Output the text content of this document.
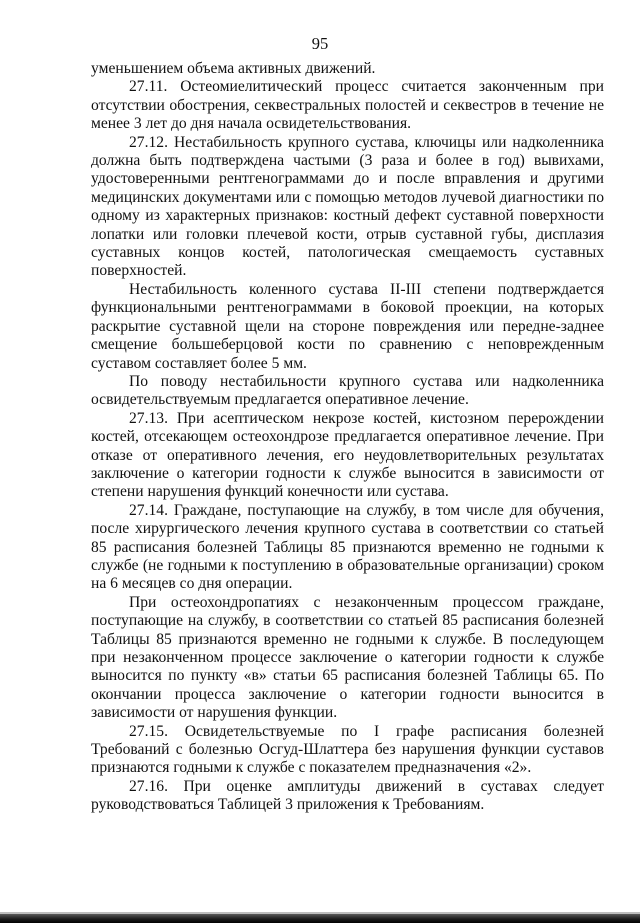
95

уменьшением объема активных движений.

27.11. Остеомиелитический процесс считается законченным при отсутствии обострения, секвестральных полостей и секвестров в течение не менее 3 лет до дня начала освидетельствования.

27.12. Нестабильность крупного сустава, ключицы или надколенника должна быть подтверждена частыми (3 раза и более в год) вывихами, удостоверенными рентгенограммами до и после вправления и другими медицинских документами или с помощью методов лучевой диагностики по одному из характерных признаков: костный дефект суставной поверхности лопатки или головки плечевой кости, отрыв суставной губы, дисплазия суставных концов костей, патологическая смещаемость суставных поверхностей.

Нестабильность коленного сустава II-III степени подтверждается функциональными рентгенограммами в боковой проекции, на которых раскрытие суставной щели на стороне повреждения или передне-заднее смещение большеберцовой кости по сравнению с неповрежденным суставом составляет более 5 мм.

По поводу нестабильности крупного сустава или надколенника освидетельствуемым предлагается оперативное лечение.

27.13. При асептическом некрозе костей, кистозном перерождении костей, отсекающем остеохондрозе предлагается оперативное лечение. При отказе от оперативного лечения, его неудовлетворительных результатах заключение о категории годности к службе выносится в зависимости от степени нарушения функций конечности или сустава.

27.14. Граждане, поступающие на службу, в том числе для обучения, после хирургического лечения крупного сустава в соответствии со статьей 85 расписания болезней Таблицы 85 признаются временно не годными к службе (не годными к поступлению в образовательные организации) сроком на 6 месяцев со дня операции.

При остеохондропатиях с незаконченным процессом граждане, поступающие на службу, в соответствии со статьей 85 расписания болезней Таблицы 85 признаются временно не годными к службе. В последующем при незаконченном процессе заключение о категории годности к службе выносится по пункту «в» статьи 65 расписания болезней Таблицы 65. По окончании процесса заключение о категории годности выносится в зависимости от нарушения функции.

27.15. Освидетельствуемые по I графе расписания болезней Требований с болезнью Осгуд-Шлаттера без нарушения функции суставов признаются годными к службе с показателем предназначения «2».

27.16. При оценке амплитуды движений в суставах следует руководствоваться Таблицей 3 приложения к Требованиям.
